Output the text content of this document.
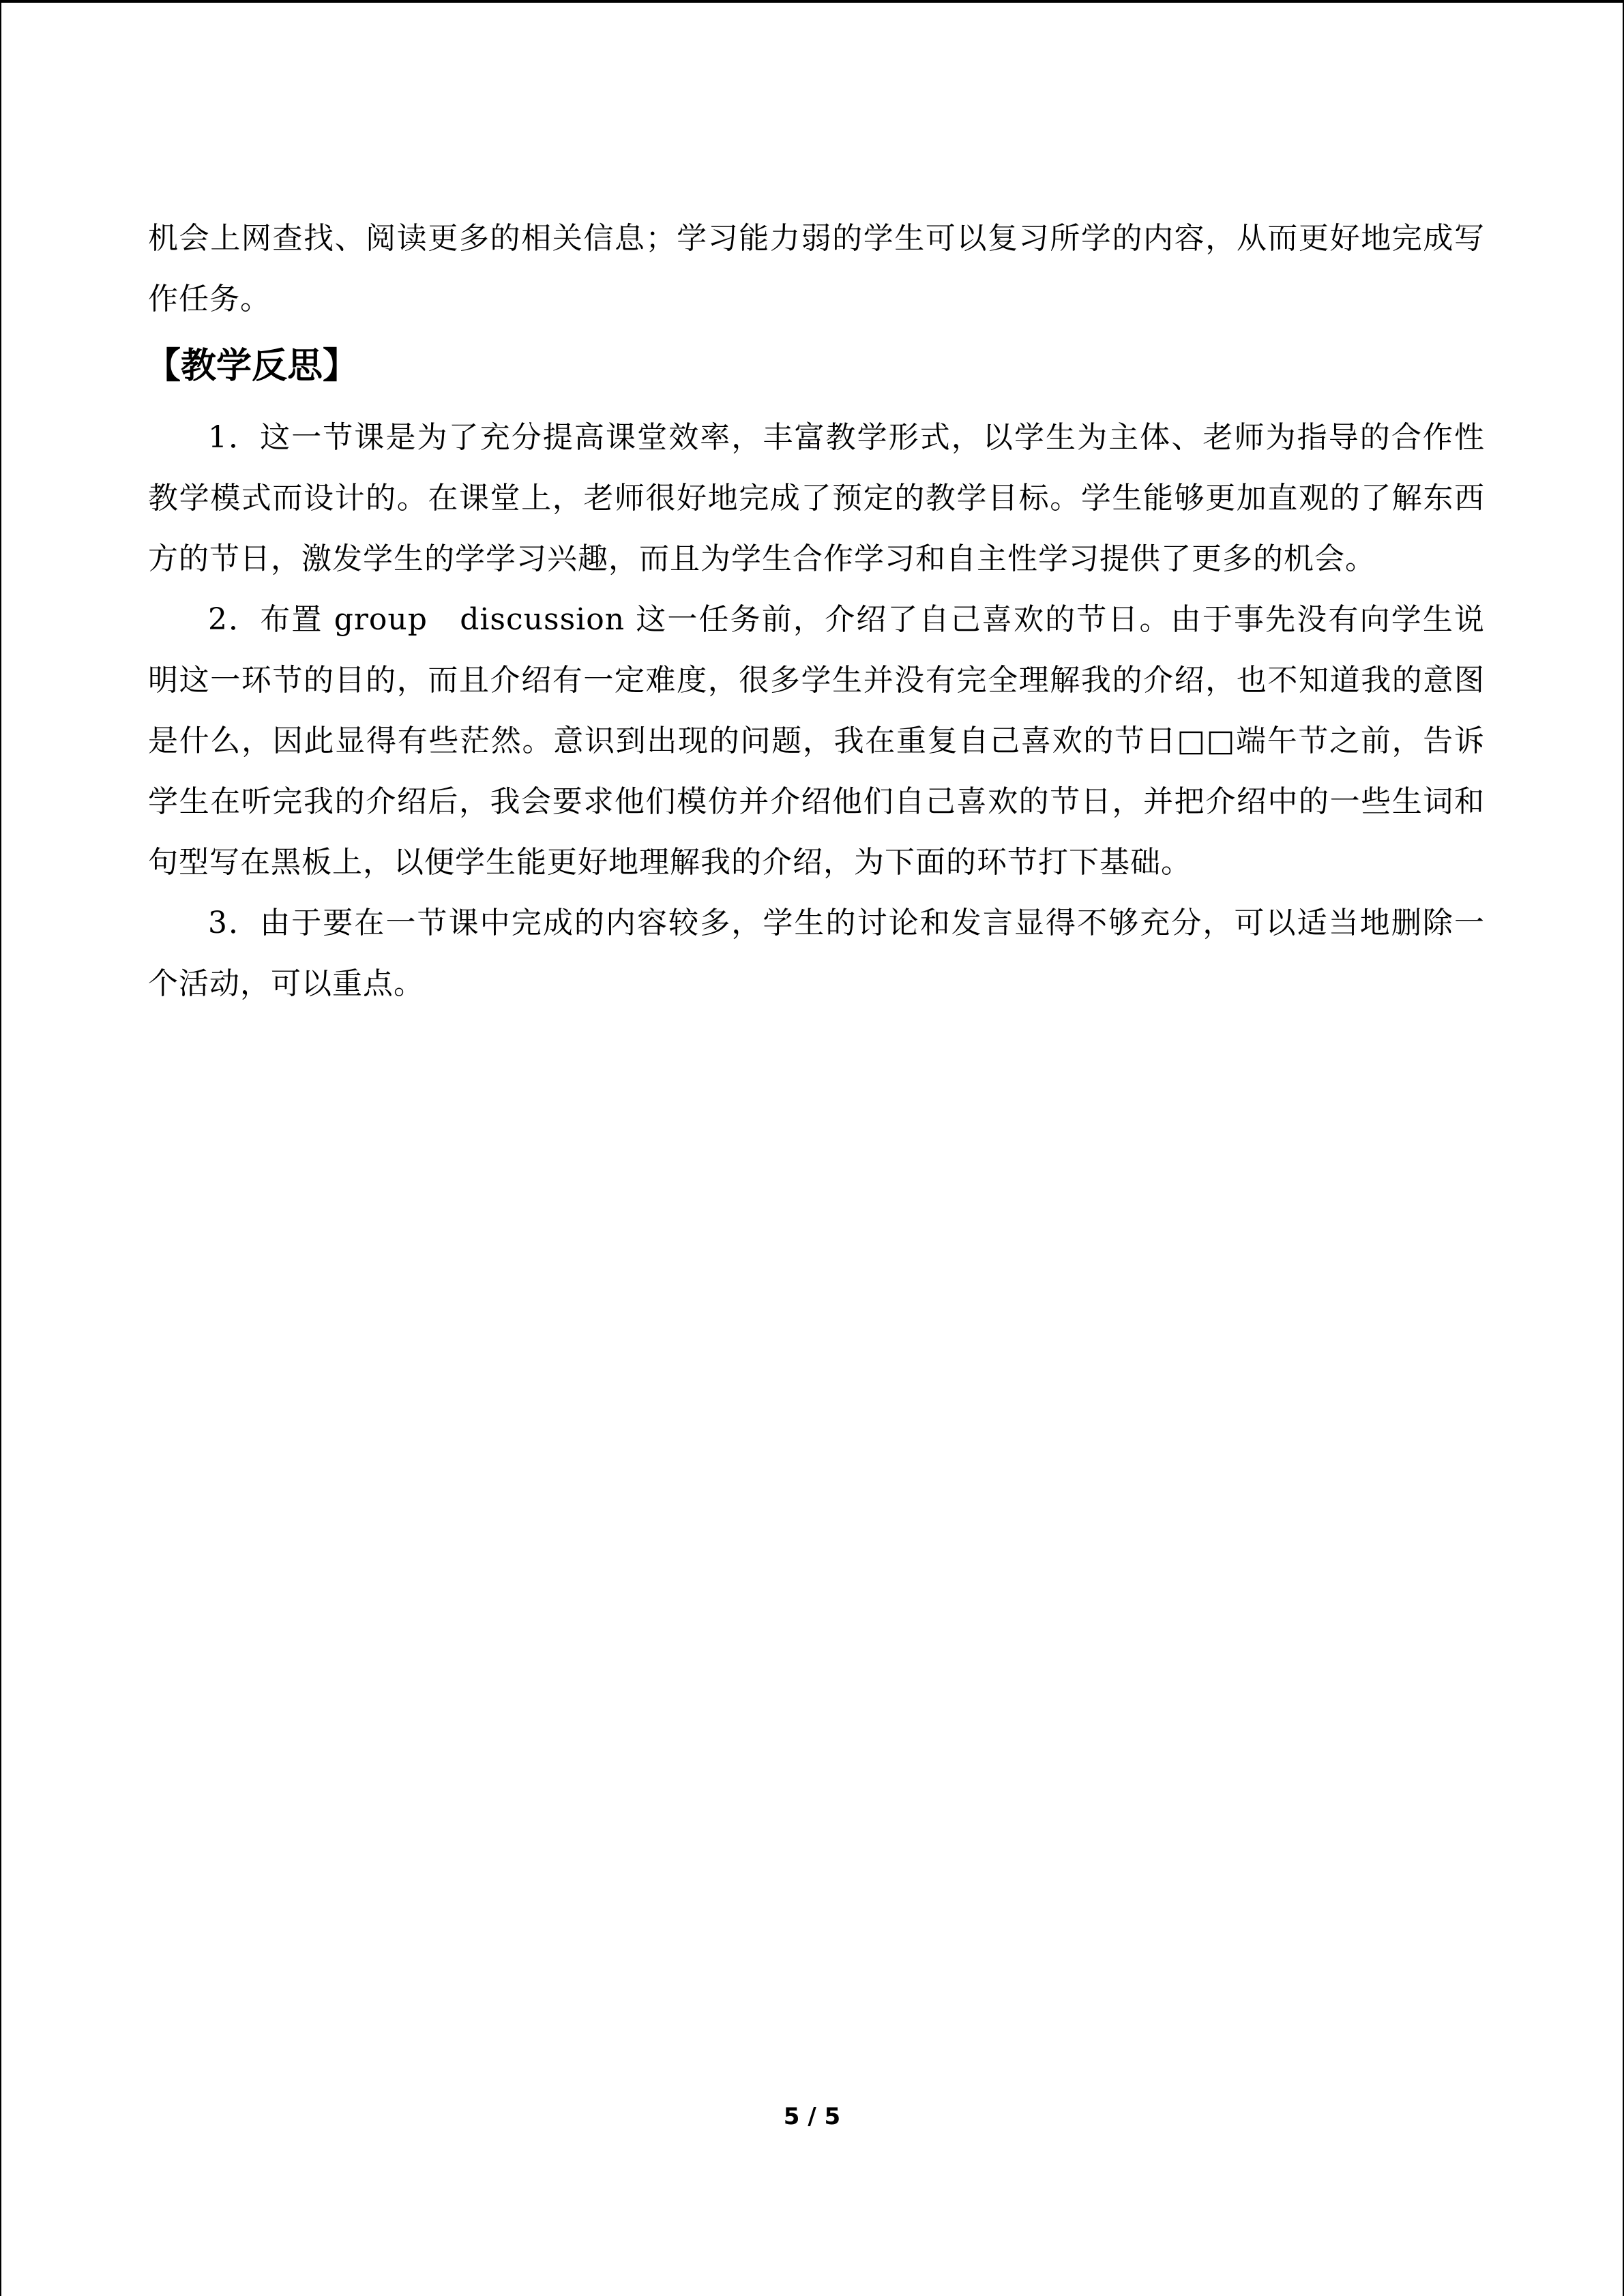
机会上网查找、阅读更多的相关信息；学习能力弱的学生可以复习所学的内容，从而更好地完成写作任务。

【教学反思】

1．这一节课是为了充分提高课堂效率，丰富教学形式，以学生为主体、老师为指导的合作性教学模式而设计的。在课堂上，老师很好地完成了预定的教学目标。学生能够更加直观的了解东西方的节日，激发学生的学学习兴趣，而且为学生合作学习和自主性学习提供了更多的机会。

2．布置 group　discussion 这一任务前，介绍了自己喜欢的节日。由于事先没有向学生说明这一环节的目的，而且介绍有一定难度，很多学生并没有完全理解我的介绍，也不知道我的意图是什么，因此显得有些茫然。意识到出现的问题，我在重复自己喜欢的节日□□端午节之前，告诉学生在听完我的介绍后，我会要求他们模仿并介绍他们自己喜欢的节日，并把介绍中的一些生词和句型写在黑板上，以便学生能更好地理解我的介绍，为下面的环节打下基础。

3．由于要在一节课中完成的内容较多，学生的讨论和发言显得不够充分，可以适当地删除一个活动，可以重点。

5 / 5
